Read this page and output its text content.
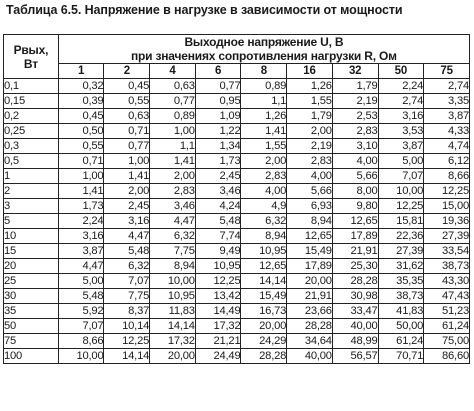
Таблица 6.5. Напряжение в нагрузке в зависимости от мощности
Pвых,
Вт	Выходное напряжение U, В
при значениях сопротивления нагрузки R, Ом								
	1	2	4	6	8	16	32	50	75
0,1	0,32	0,45	0,63	0,77	0,89	1,26	1,79	2,24	2,74
0,15	0,39	0,55	0,77	0,95	1,1	1,55	2,19	2,74	3,35
0,2	0,45	0,63	0,89	1,09	1,26	1,79	2,53	3,16	3,87
0,25	0,50	0,71	1,00	1,22	1,41	2,00	2,83	3,53	4,33
0,3	0,55	0,77	1,1	1,34	1,55	2,19	3,10	3,87	4,74
0,5	0,71	1,00	1,41	1,73	2,00	2,83	4,00	5,00	6,12
1	1,00	1,41	2,00	2,45	2,83	4,00	5,66	7,07	8,66
2	1,41	2,00	2,83	3,46	4,00	5,66	8,00	10,00	12,25
3	1,73	2,45	3,46	4,24	4,9	6,93	9,80	12,25	15,00
5	2,24	3,16	4,47	5,48	6,32	8,94	12,65	15,81	19,36
10	3,16	4,47	6,32	7,74	8,94	12,65	17,89	22,36	27,39
15	3,87	5,48	7,75	9,49	10,95	15,49	21,91	27,39	33,54
20	4,47	6,32	8,94	10,95	12,65	17,89	25,30	31,62	38,73
25	5,00	7,07	10,00	12,25	14,14	20,00	28,28	35,35	43,30
30	5,48	7,75	10,95	13,42	15,49	21,91	30,98	38,73	47,43
35	5,92	8,37	11,83	14,49	16,73	23,66	33,47	41,83	51,23
50	7,07	10,14	14,14	17,32	20,00	28,28	40,00	50,00	61,24
75	8,66	12,25	17,32	21,21	24,29	34,64	48,99	61,24	75,00
100	10,00	14,14	20,00	24,49	28,28	40,00	56,57	70,71	86,60
